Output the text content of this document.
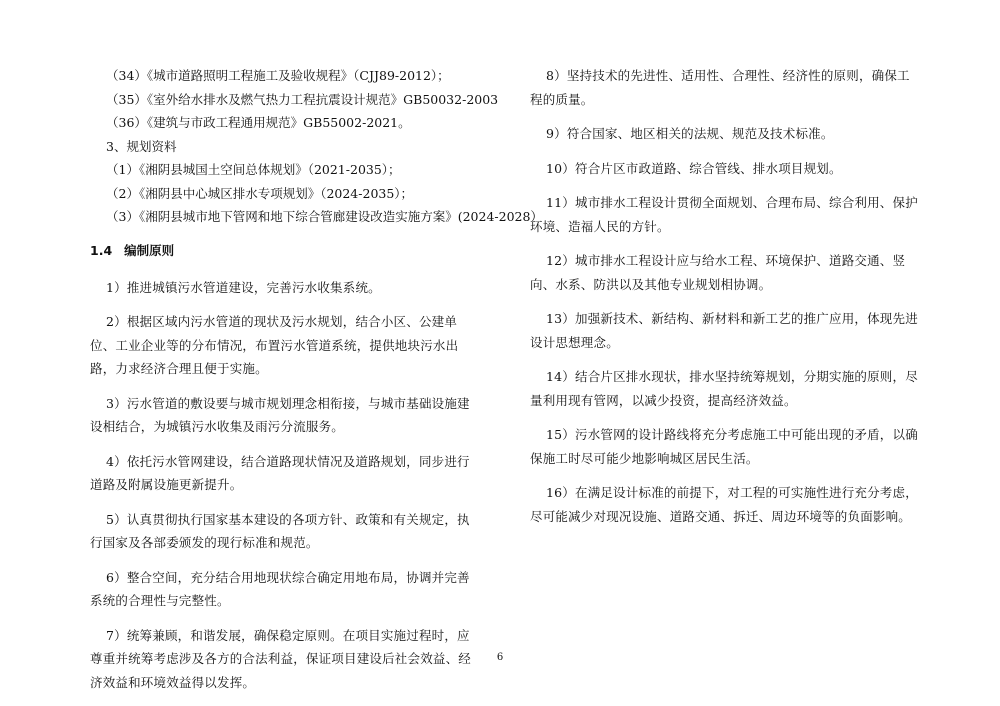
（34）《城市道路照明工程施工及验收规程》（CJJ89-2012）；
（35）《室外给水排水及燃气热力工程抗震设计规范》GB50032-2003
（36）《建筑与市政工程通用规范》GB55002-2021。
3、规划资料
（1）《湘阴县城国土空间总体规划》（2021-2035）；
（2）《湘阴县中心城区排水专项规划》（2024-2035）；
（3）《湘阴县城市地下管网和地下综合管廊建设改造实施方案》(2024-2028）
1.4 编制原则

1）推进城镇污水管道建设，完善污水收集系统。

2）根据区域内污水管道的现状及污水规划，结合小区、公建单位、工业企业等的分布情况，布置污水管道系统，提供地块污水出路，力求经济合理且便于实施。

3）污水管道的敷设要与城市规划理念相衔接，与城市基础设施建设相结合，为城镇污水收集及雨污分流服务。

4）依托污水管网建设，结合道路现状情况及道路规划，同步进行道路及附属设施更新提升。

5）认真贯彻执行国家基本建设的各项方针、政策和有关规定，执行国家及各部委颁发的现行标准和规范。

6）整合空间，充分结合用地现状综合确定用地布局，协调并完善系统的合理性与完整性。

7）统筹兼顾，和谐发展，确保稳定原则。在项目实施过程时，应尊重并统筹考虑涉及各方的合法利益，保证项目建设后社会效益、经济效益和环境效益得以发挥。

8）坚持技术的先进性、适用性、合理性、经济性的原则，确保工程的质量。

9）符合国家、地区相关的法规、规范及技术标准。

10）符合片区市政道路、综合管线、排水项目规划。

11）城市排水工程设计贯彻全面规划、合理布局、综合利用、保护环境、造福人民的方针。

12）城市排水工程设计应与给水工程、环境保护、道路交通、竖向、水系、防洪以及其他专业规划相协调。

13）加强新技术、新结构、新材料和新工艺的推广应用，体现先进设计思想理念。

14）结合片区排水现状，排水坚持统筹规划，分期实施的原则，尽量利用现有管网，以减少投资，提高经济效益。

15）污水管网的设计路线将充分考虑施工中可能出现的矛盾，以确保施工时尽可能少地影响城区居民生活。

16）在满足设计标准的前提下，对工程的可实施性进行充分考虑，尽可能减少对现况设施、道路交通、拆迁、周边环境等的负面影响。

6
